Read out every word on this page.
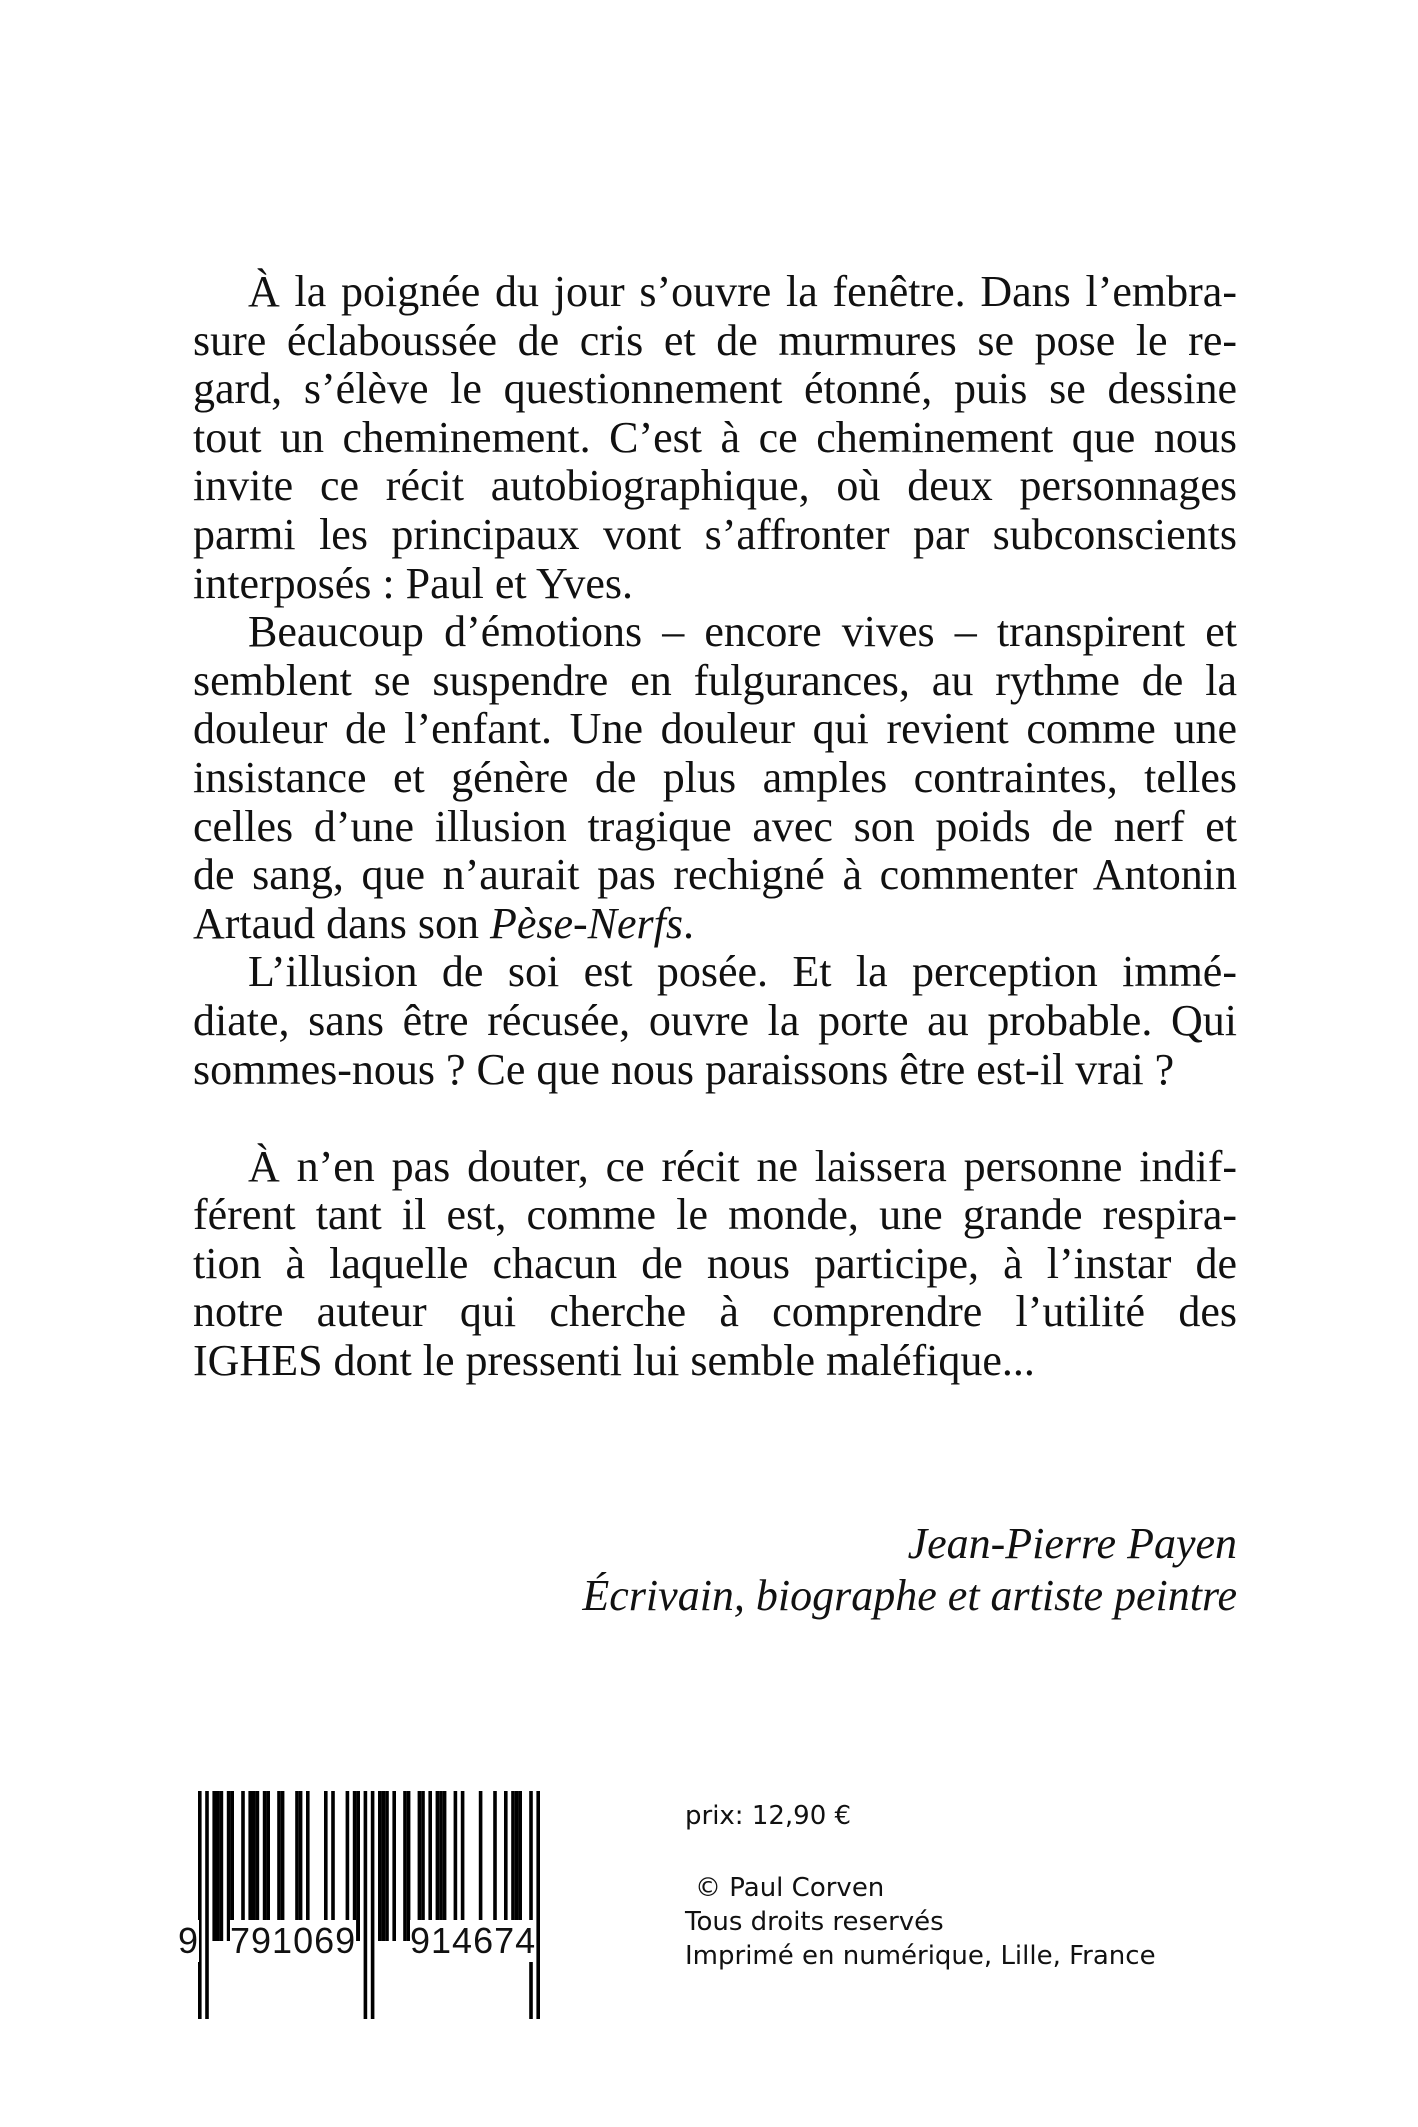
À la poignée du jour s’ouvre la fenêtre. Dans l’embra-
sure éclaboussée de cris et de murmures se pose le re-
gard, s’élève le questionnement étonné, puis se dessine
tout un cheminement. C’est à ce cheminement que nous
invite ce récit autobiographique, où deux personnages
parmi les principaux vont s’affronter par subconscients
interposés : Paul et Yves.
Beaucoup d’émotions – encore vives – transpirent et
semblent se suspendre en fulgurances, au rythme de la
douleur de l’enfant. Une douleur qui revient comme une
insistance et génère de plus amples contraintes, telles
celles d’une illusion tragique avec son poids de nerf et
de sang, que n’aurait pas rechigné à commenter Antonin
Artaud dans son Pèse-Nerfs.
L’illusion de soi est posée. Et la perception immé-
diate, sans être récusée, ouvre la porte au probable. Qui
sommes-nous ? Ce que nous paraissons être est-il vrai ?
À n’en pas douter, ce récit ne laissera personne indif-
férent tant il est, comme le monde, une grande respira-
tion à laquelle chacun de nous participe, à l’instar de
notre auteur qui cherche à comprendre l’utilité des
IGHES dont le pressenti lui semble maléfique...
Jean-Pierre Payen
Écrivain, biographe et artiste peintre
9 791069 914674
prix: 12,90 €
© Paul Corven
Tous droits reservés
Imprimé en numérique, Lille, France
